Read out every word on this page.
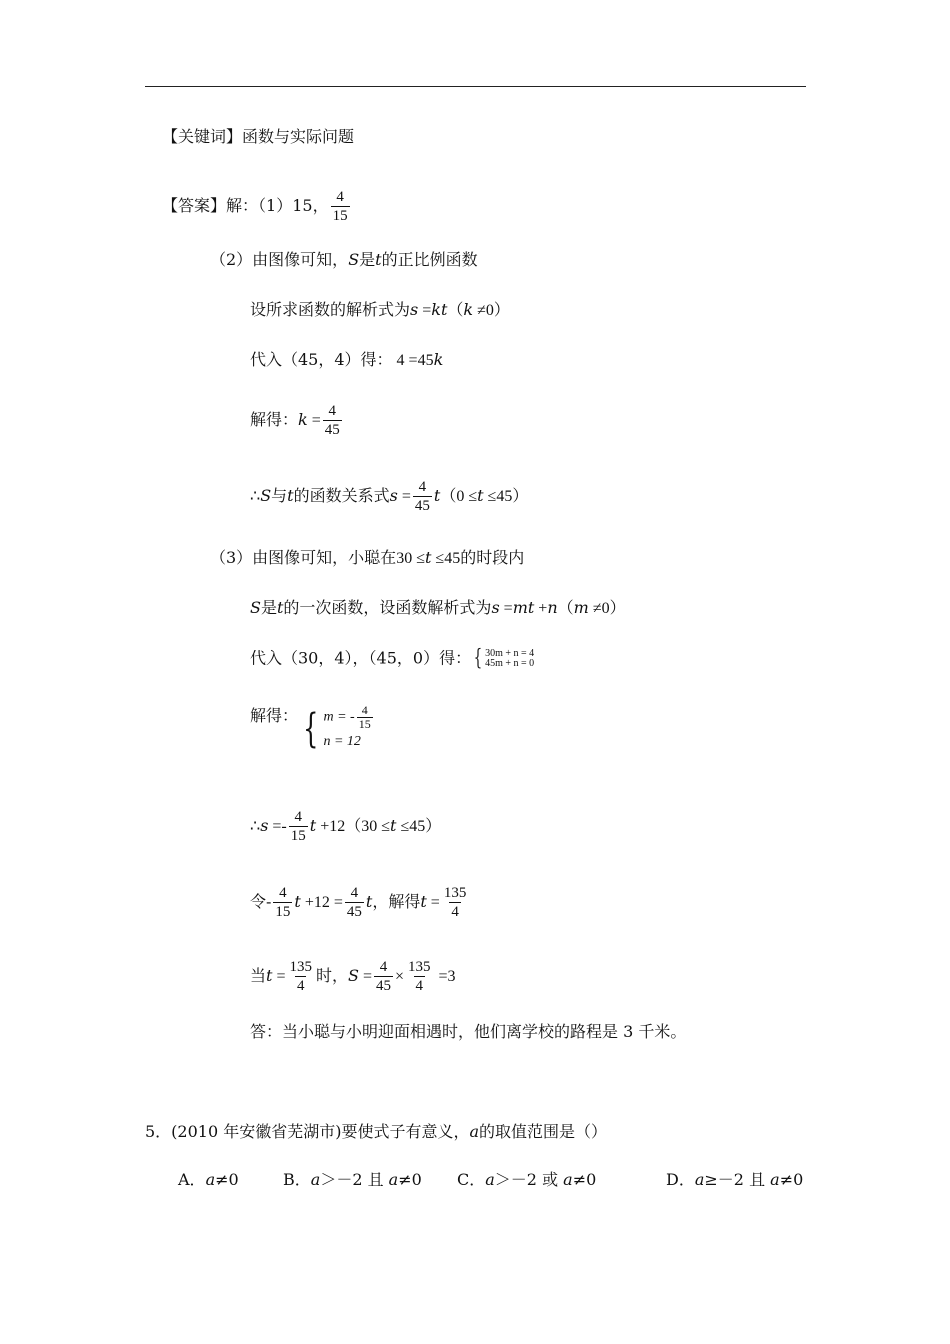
【关键词】函数与实际问题
【答案】解：（1）15， $\frac{4}{15}$
（2）由图像可知，S是t的正比例函数
设所求函数的解析式为s =kt（k ≠0）
代入（45，4）得： 4 =45k
解得：$k = \frac{4}{45}$
∴S与t的函数关系式$s = \frac{4}{45} t(0 \le t \le 45)$
（3）由图像可知，小聪在30 ≤t ≤45的时段内
S是t的一次函数，设函数解析式为s =mt +n（m ≠0）
代入（30，4），（45，0）得： { 30m + n = 4
45m + n = 0
解得： { m = - $\frac{4}{15}$
n = 12
∴s =- $\frac{4}{15}$ t +12（30 ≤t ≤45）
令- $\frac{4}{15}$ $t +12 = \frac{4}{45}$ t，解得$t = \frac{135}{4}$
当$t = \frac{135}{4}$ 时，$S = \frac{4}{45} \times \frac{135}{4} =3$
答：当小聪与小明迎面相遇时，他们离学校的路程是 3 千米。
5．(2010 年安徽省芜湖市)要使式子有意义，a的取值范围是（）
A．a≠0	B．a＞－2 且 a≠0 C．a＞－2 或 a≠0	D．a≥－2 且 a≠0
